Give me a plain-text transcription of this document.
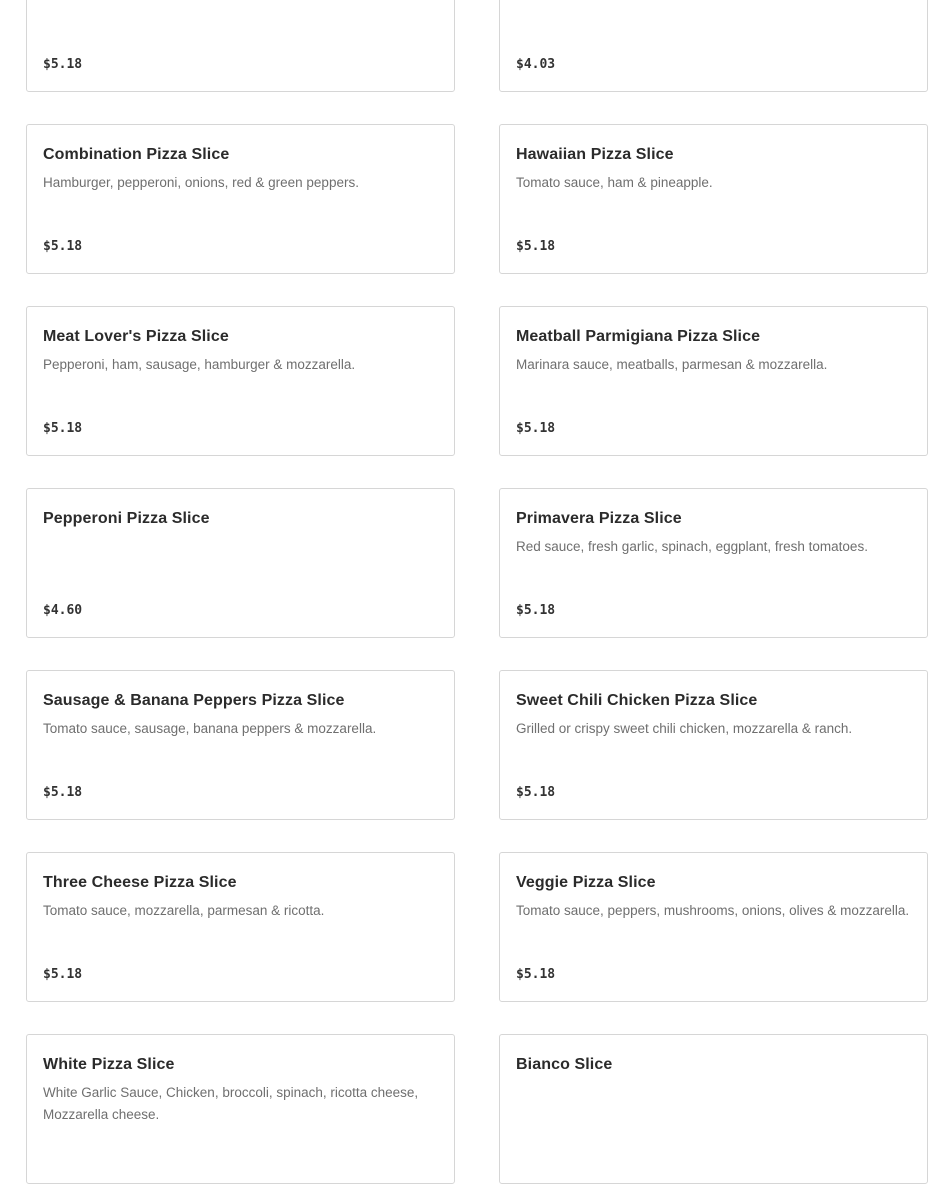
$5.18	$4.03
Combination Pizza Slice
Hamburger, pepperoni, onions, red & green peppers.
$5.18
Hawaiian Pizza Slice
Tomato sauce, ham & pineapple.
$5.18
Meat Lover's Pizza Slice
Pepperoni, ham, sausage, hamburger & mozzarella.
$5.18
Meatball Parmigiana Pizza Slice
Marinara sauce, meatballs, parmesan & mozzarella.
$5.18
Pepperoni Pizza Slice
$4.60
Primavera Pizza Slice
Red sauce, fresh garlic, spinach, eggplant, fresh tomatoes.
$5.18
Sausage & Banana Peppers Pizza Slice
Tomato sauce, sausage, banana peppers & mozzarella.
$5.18
Sweet Chili Chicken Pizza Slice
Grilled or crispy sweet chili chicken, mozzarella & ranch.
$5.18
Three Cheese Pizza Slice
Tomato sauce, mozzarella, parmesan & ricotta.
$5.18
Veggie Pizza Slice
Tomato sauce, peppers, mushrooms, onions, olives & mozzarella.
$5.18
White Pizza Slice
White Garlic Sauce, Chicken, broccoli, spinach, ricotta cheese, Mozzarella cheese.
Bianco Slice
